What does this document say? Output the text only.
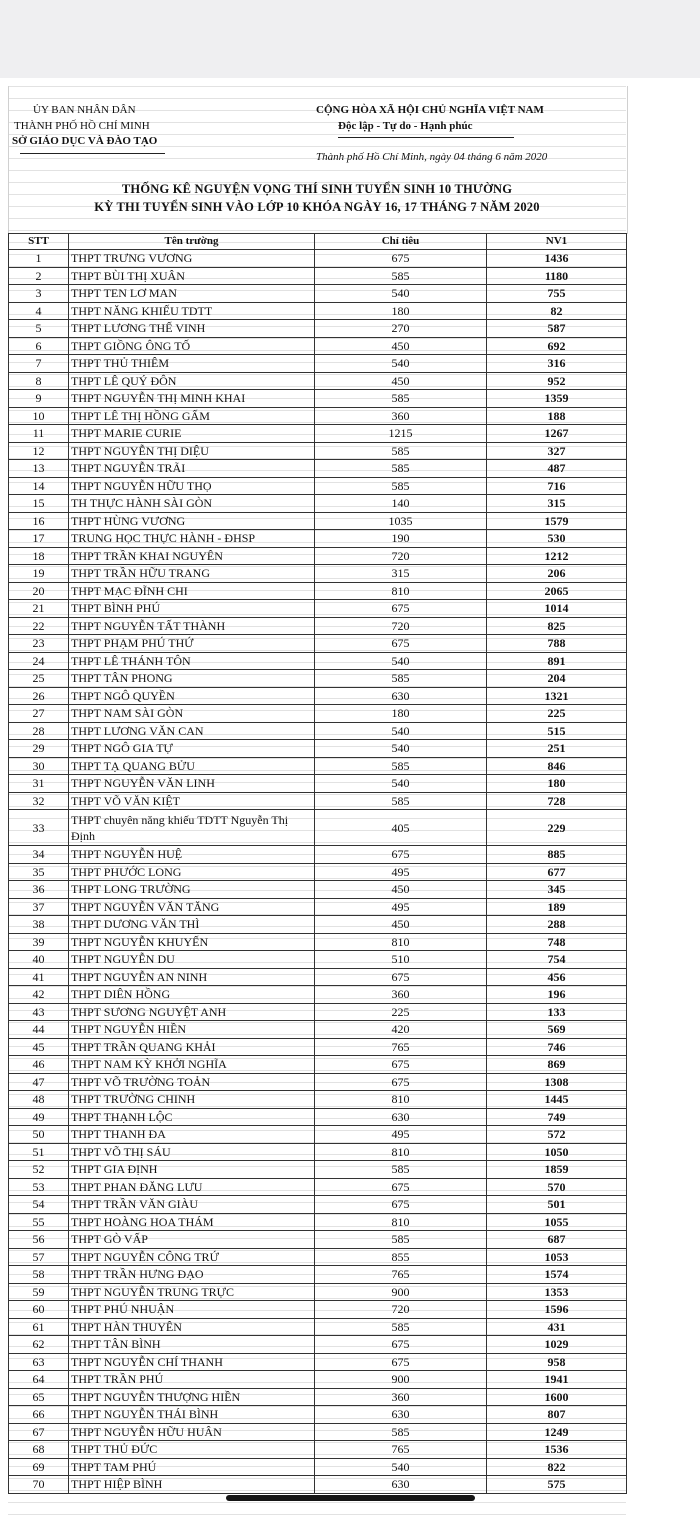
ỦY BAN NHÂN DÂN
THÀNH PHỐ HỒ CHÍ MINH
SỞ GIÁO DỤC VÀ ĐÀO TẠO
CỘNG HÒA XÃ HỘI CHỦ NGHĨA VIỆT NAM
Độc lập - Tự do - Hạnh phúc
Thành phố Hồ Chí Minh, ngày 04 tháng 6 năm 2020
THỐNG KÊ NGUYỆN VỌNG THÍ SINH TUYỂN SINH 10 THƯỜNG
KỲ THI TUYỂN SINH VÀO LỚP 10 KHÓA NGÀY 16, 17 THÁNG 7 NĂM 2020
STT	Tên trường	Chỉ tiêu	NV1
1	THPT TRƯNG VƯƠNG	675	1436
2	THPT BÙI THỊ XUÂN	585	1180
3	THPT TEN LƠ MAN	540	755
4	THPT NĂNG KHIẾU TDTT	180	82
5	THPT LƯƠNG THẾ VINH	270	587
6	THPT GIỒNG ÔNG TỐ	450	692
7	THPT THỦ THIÊM	540	316
8	THPT LÊ QUÝ ĐÔN	450	952
9	THPT NGUYỄN THỊ MINH KHAI	585	1359
10	THPT LÊ THỊ HỒNG GẤM	360	188
11	THPT MARIE CURIE	1215	1267
12	THPT NGUYỄN THỊ DIỆU	585	327
13	THPT NGUYỄN TRÃI	585	487
14	THPT NGUYỄN HỮU THỌ	585	716
15	TH THỰC HÀNH SÀI GÒN	140	315
16	THPT HÙNG VƯƠNG	1035	1579
17	TRUNG HỌC THỰC HÀNH - ĐHSP	190	530
18	THPT TRẦN KHAI NGUYÊN	720	1212
19	THPT TRẦN HỮU TRANG	315	206
20	THPT MẠC ĐĨNH CHI	810	2065
21	THPT BÌNH PHÚ	675	1014
22	THPT NGUYỄN TẤT THÀNH	720	825
23	THPT PHẠM PHÚ THỨ	675	788
24	THPT LÊ THÁNH TÔN	540	891
25	THPT TÂN PHONG	585	204
26	THPT NGÔ QUYỀN	630	1321
27	THPT NAM SÀI GÒN	180	225
28	THPT LƯƠNG VĂN CAN	540	515
29	THPT NGÔ GIA TỰ	540	251
30	THPT TẠ QUANG BỬU	585	846
31	THPT NGUYỄN VĂN LINH	540	180
32	THPT VÕ VĂN KIỆT	585	728
33	THPT chuyên năng khiếu TDTT Nguyễn Thị Định	405	229
34	THPT NGUYỄN HUỆ	675	885
35	THPT PHƯỚC LONG	495	677
36	THPT LONG TRƯỜNG	450	345
37	THPT NGUYỄN VĂN TĂNG	495	189
38	THPT DƯƠNG VĂN THÌ	450	288
39	THPT NGUYỄN KHUYẾN	810	748
40	THPT NGUYỄN DU	510	754
41	THPT NGUYỄN AN NINH	675	456
42	THPT DIÊN HỒNG	360	196
43	THPT SƯƠNG NGUYỆT ANH	225	133
44	THPT NGUYỄN HIỀN	420	569
45	THPT TRẦN QUANG KHẢI	765	746
46	THPT NAM KỲ KHỞI NGHĨA	675	869
47	THPT VÕ TRƯỜNG TOẢN	675	1308
48	THPT TRƯỜNG CHINH	810	1445
49	THPT THẠNH LỘC	630	749
50	THPT THANH ĐA	495	572
51	THPT VÕ THỊ SÁU	810	1050
52	THPT GIA ĐỊNH	585	1859
53	THPT PHAN ĐĂNG LƯU	675	570
54	THPT TRẦN VĂN GIÀU	675	501
55	THPT HOÀNG HOA THÁM	810	1055
56	THPT GÒ VẤP	585	687
57	THPT NGUYỄN CÔNG TRỨ	855	1053
58	THPT TRẦN HƯNG ĐẠO	765	1574
59	THPT NGUYỄN TRUNG TRỰC	900	1353
60	THPT PHÚ NHUẬN	720	1596
61	THPT HÀN THUYÊN	585	431
62	THPT TÂN BÌNH	675	1029
63	THPT NGUYỄN CHÍ THANH	675	958
64	THPT TRẦN PHÚ	900	1941
65	THPT NGUYỄN THƯỢNG HIỀN	360	1600
66	THPT NGUYỄN THÁI BÌNH	630	807
67	THPT NGUYỄN HỮU HUÂN	585	1249
68	THPT THỦ ĐỨC	765	1536
69	THPT TAM PHÚ	540	822
70	THPT HIỆP BÌNH	630	575
